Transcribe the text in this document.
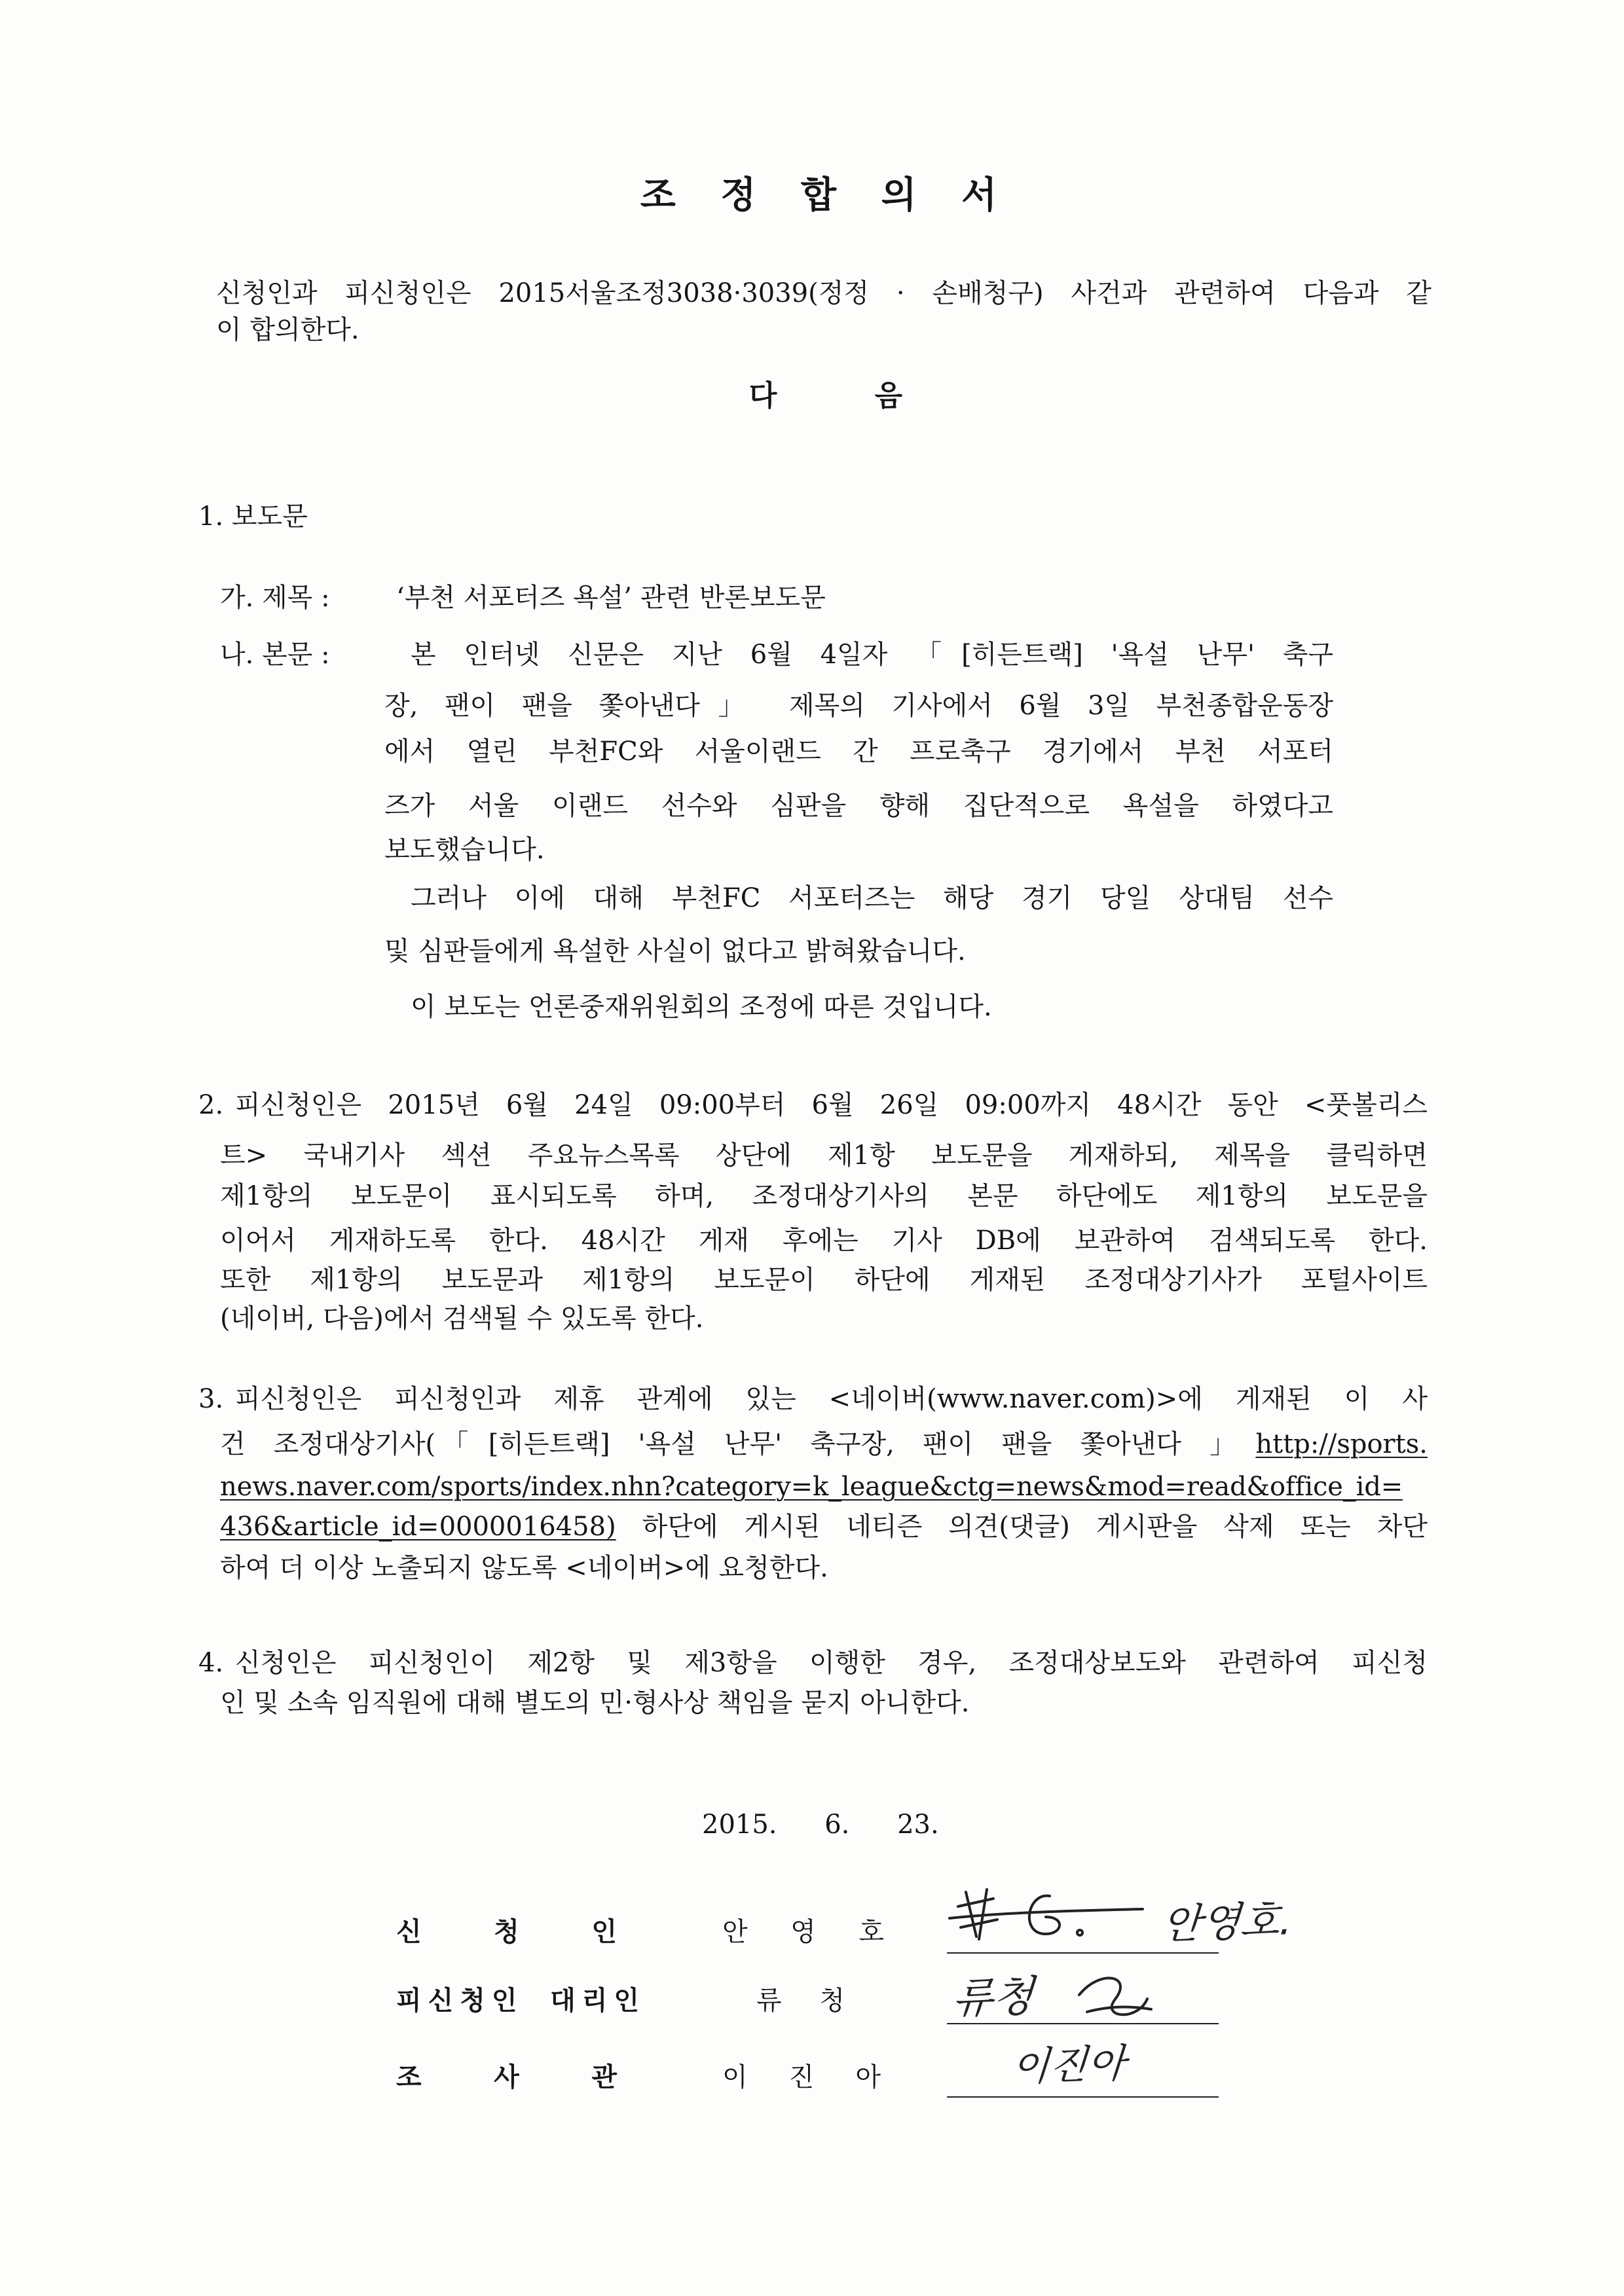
조 정 합 의 서
신청인과 피신청인은 2015서울조정3038·3039(정정 · 손배청구) 사건과 관련하여 다음과 같
이 합의한다.
다 음
1. 보도문
가. 제목 :	‘부천 서포터즈 욕설’ 관련 반론보도문
나. 본문 :	본 인터넷 신문은 지난 6월 4일자 「[히든트랙] '욕설 난무' 축구
장, 팬이 팬을 쫓아낸다」 제목의 기사에서 6월 3일 부천종합운동장
에서 열린 부천FC와 서울이랜드 간 프로축구 경기에서 부천 서포터
즈가 서울 이랜드 선수와 심판을 향해 집단적으로 욕설을 하였다고
보도했습니다.
그러나 이에 대해 부천FC 서포터즈는 해당 경기 당일 상대팀 선수
및 심판들에게 욕설한 사실이 없다고 밝혀왔습니다.
이 보도는 언론중재위원회의 조정에 따른 것입니다.
2. 피신청인은 2015년 6월 24일 09:00부터 6월 26일 09:00까지 48시간 동안 <풋볼리스
트> 국내기사 섹션 주요뉴스목록 상단에 제1항 보도문을 게재하되, 제목을 클릭하면
제1항의 보도문이 표시되도록 하며, 조정대상기사의 본문 하단에도 제1항의 보도문을
이어서 게재하도록 한다. 48시간 게재 후에는 기사 DB에 보관하여 검색되도록 한다.
또한 제1항의 보도문과 제1항의 보도문이 하단에 게재된 조정대상기사가 포털사이트
(네이버, 다음)에서 검색될 수 있도록 한다.
3. 피신청인은 피신청인과 제휴 관계에 있는 <네이버(www.naver.com)>에 게재된 이 사
건 조정대상기사(「[히든트랙] '욕설 난무' 축구장, 팬이 팬을 쫓아낸다 」http://sports.
news.naver.com/sports/index.nhn?category=k_league&ctg=news&mod=read&office_id=
436&article_id=0000016458) 하단에 게시된 네티즌 의견(댓글) 게시판을 삭제 또는 차단
하여 더 이상 노출되지 않도록 <네이버>에 요청한다.
4. 신청인은 피신청인이 제2항 및 제3항을 이행한 경우, 조정대상보도와 관련하여 피신청
인 및 소속 임직원에 대해 별도의 민·형사상 책임을 묻지 아니한다.
2015. 6. 23.
신 청 인	안 영 호	안영호.
피신청인 대리인	류 청	류청
조 사 관	이 진 아	이진아
